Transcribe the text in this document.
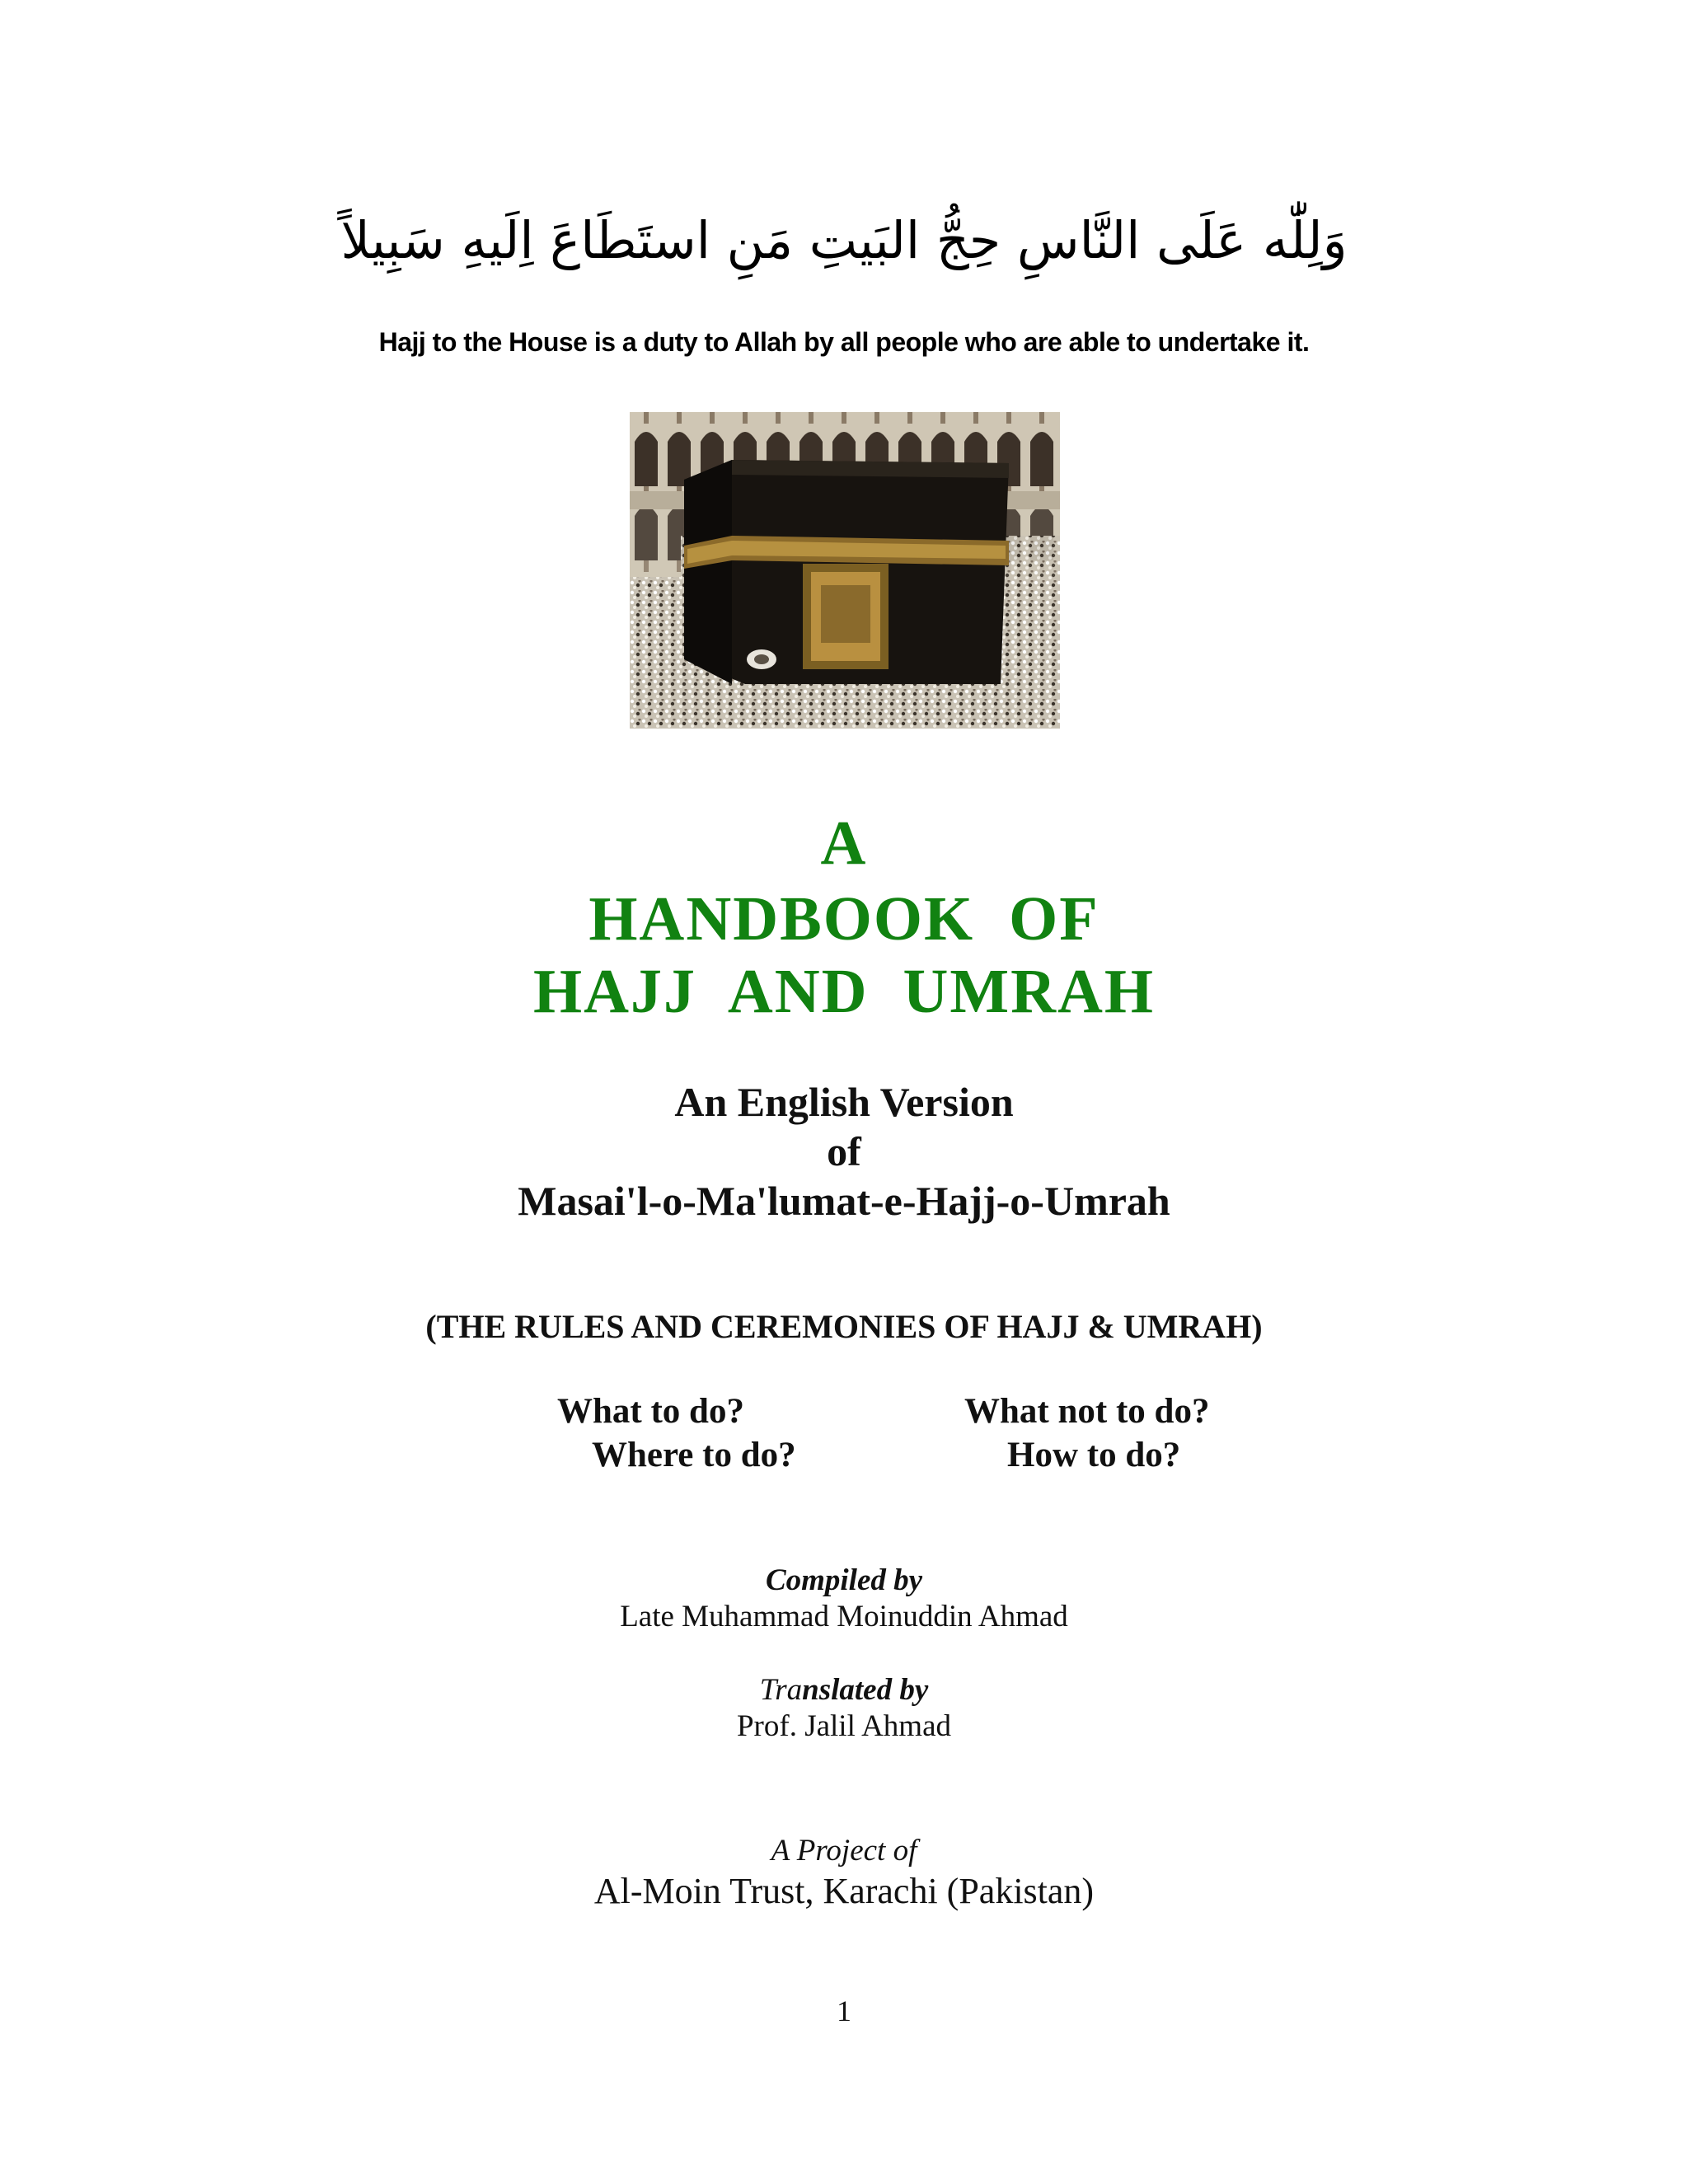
وَلِلّٰه عَلَى النَّاسِ حِجُّ البَيتِ مَنِ استَطَاعَ اِلَيهِ سَبِيلاً
Hajj to the House is a duty to Allah by all people who are able to undertake it.
A
HANDBOOK  OF
HAJJ  AND  UMRAH
An English Version
of
Masai'l-o-Ma'lumat-e-Hajj-o-Umrah
(THE RULES AND CEREMONIES OF HAJJ & UMRAH)
What to do?	What not to do?
Where to do?	How to do?
Compiled by
Late Muhammad Moinuddin Ahmad
Translated by
Prof. Jalil Ahmad
A Project of
Al-Moin Trust, Karachi (Pakistan)
1
